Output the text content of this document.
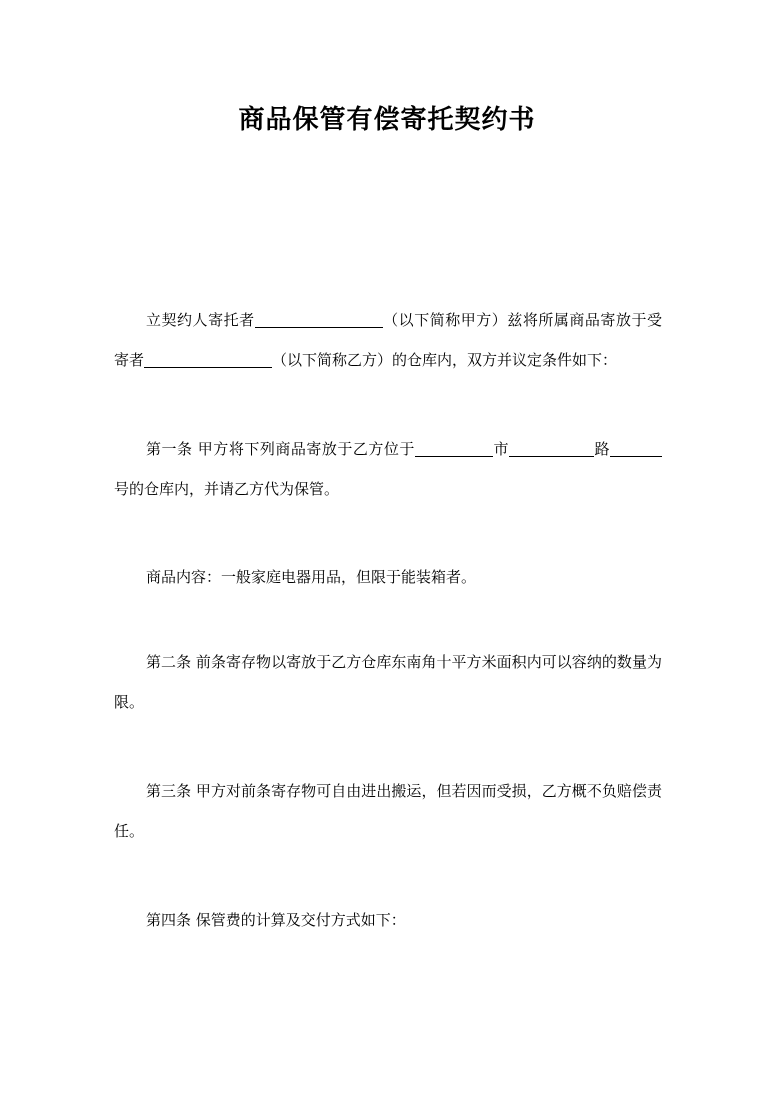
商品保管有偿寄托契约书

立契约人寄托者	（以下简称甲方）兹将所属商品寄放于受寄者	（以下简称乙方）的仓库内，双方并议定条件如下：

第一条 甲方将下列商品寄放于乙方位于	市	路号的仓库内，并请乙方代为保管。

商品内容：一般家庭电器用品，但限于能装箱者。

第二条 前条寄存物以寄放于乙方仓库东南角十平方米面积内可以容纳的数量为限。

第三条 甲方对前条寄存物可自由进出搬运，但若因而受损，乙方概不负赔偿责任。

第四条 保管费的计算及交付方式如下：
